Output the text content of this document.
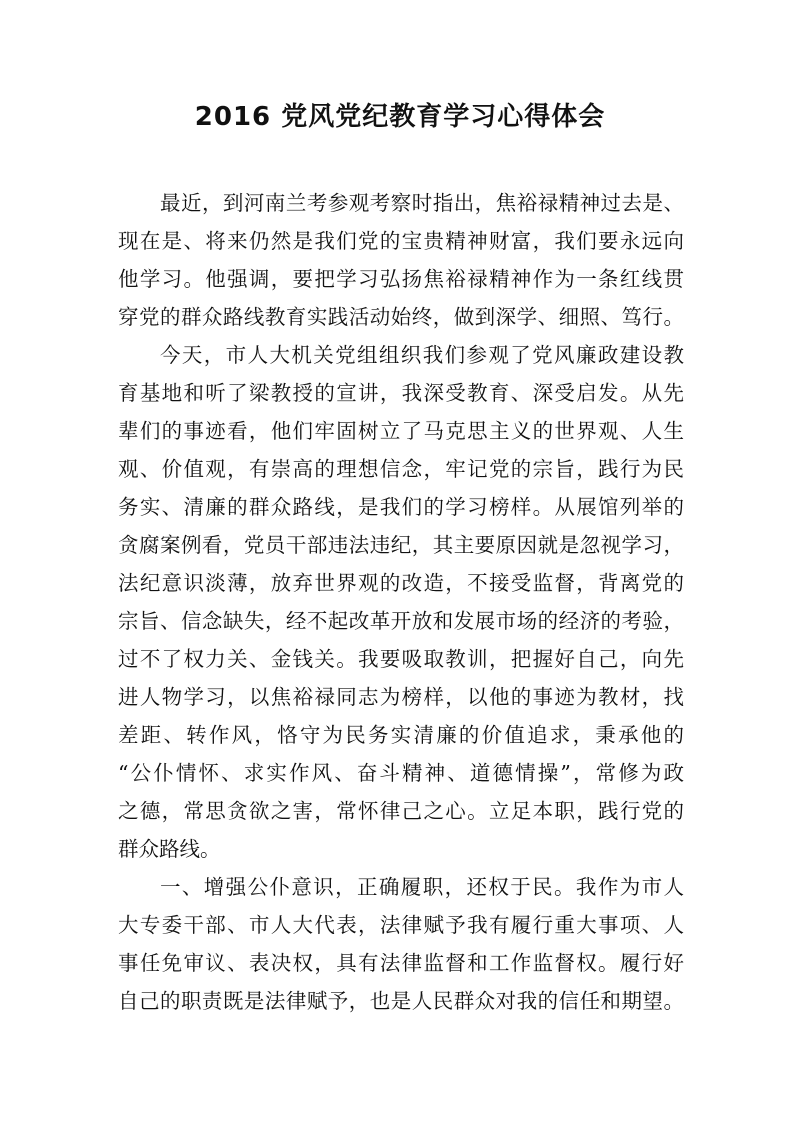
2016 党风党纪教育学习心得体会
最近，到河南兰考参观考察时指出，焦裕禄精神过去是、
现在是、将来仍然是我们党的宝贵精神财富，我们要永远向
他学习。他强调，要把学习弘扬焦裕禄精神作为一条红线贯
穿党的群众路线教育实践活动始终，做到深学、细照、笃行。
今天，市人大机关党组组织我们参观了党风廉政建设教
育基地和听了梁教授的宣讲，我深受教育、深受启发。从先
辈们的事迹看，他们牢固树立了马克思主义的世界观、人生
观、价值观，有崇高的理想信念，牢记党的宗旨，践行为民
务实、清廉的群众路线，是我们的学习榜样。从展馆列举的
贪腐案例看，党员干部违法违纪，其主要原因就是忽视学习，
法纪意识淡薄，放弃世界观的改造，不接受监督，背离党的
宗旨、信念缺失，经不起改革开放和发展市场的经济的考验，
过不了权力关、金钱关。我要吸取教训，把握好自己，向先
进人物学习，以焦裕禄同志为榜样，以他的事迹为教材，找
差距、转作风，恪守为民务实清廉的价值追求，秉承他的
“公仆情怀、求实作风、奋斗精神、道德情操”，常修为政
之德，常思贪欲之害，常怀律己之心。立足本职，践行党的
群众路线。
一、增强公仆意识，正确履职，还权于民。我作为市人
大专委干部、市人大代表，法律赋予我有履行重大事项、人
事任免审议、表决权，具有法律监督和工作监督权。履行好
自己的职责既是法律赋予，也是人民群众对我的信任和期望。
